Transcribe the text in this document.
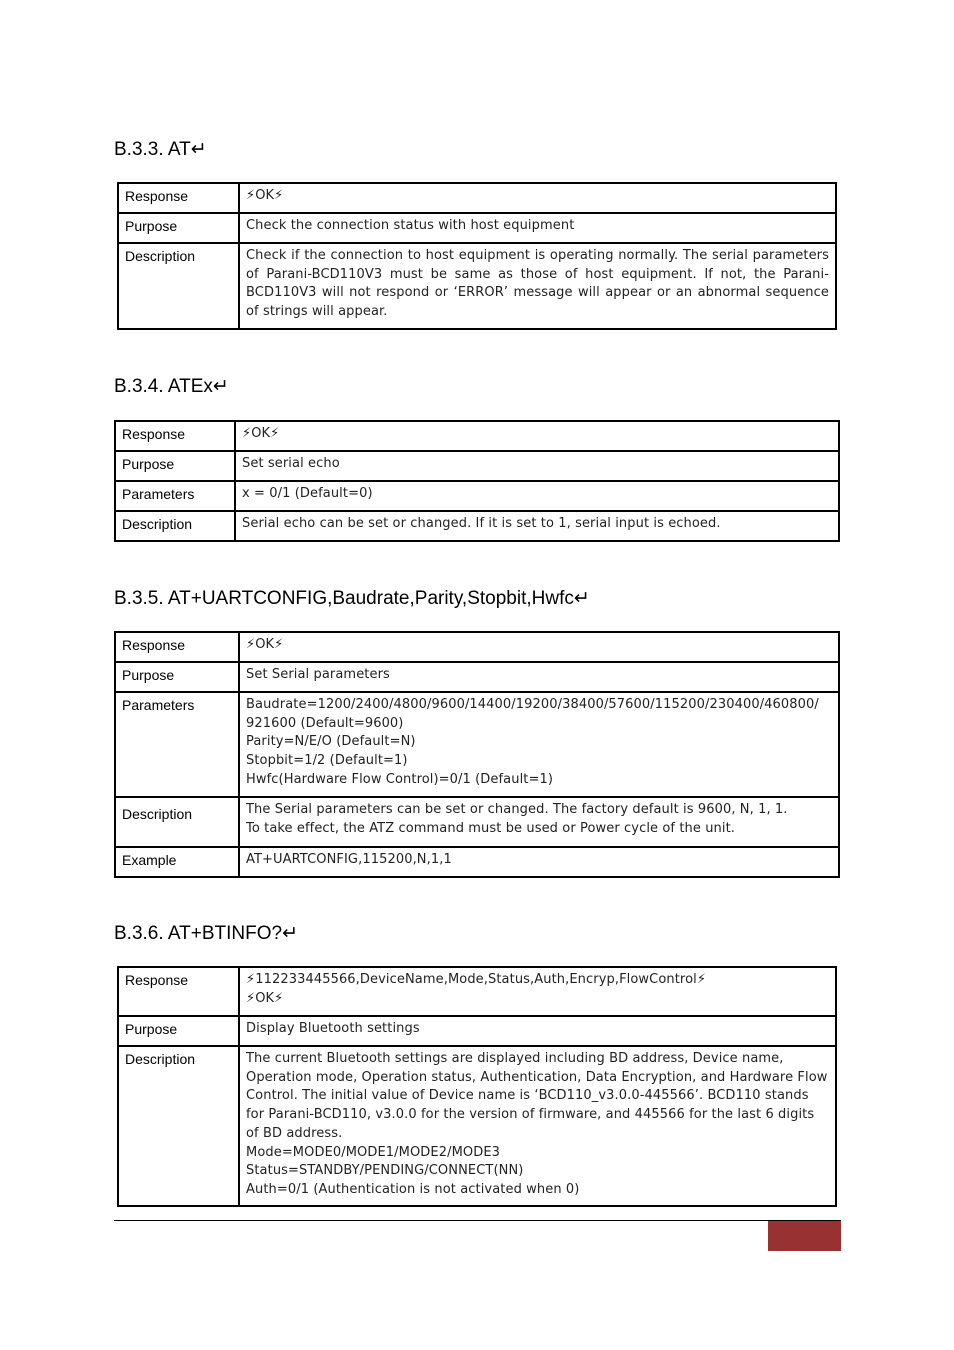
B.3.3. AT↵
Response	⚡OK⚡

Purpose	Check the connection status with host equipment

Description	Check if the connection to host equipment is operating normally. The serial parameters of Parani-BCD110V3 must be same as those of host equipment. If not, the Parani-BCD110V3 will not respond or ‘ERROR’ message will appear or an abnormal sequence of strings will appear.
B.3.4. ATEx↵
Response	⚡OK⚡

Purpose	Set serial echo

Parameters	x = 0/1 (Default=0)

Description	Serial echo can be set or changed. If it is set to 1, serial input is echoed.
B.3.5. AT+UARTCONFIG,Baudrate,Parity,Stopbit,Hwfc↵
Response	⚡OK⚡

Purpose	Set Serial parameters

Parameters	Baudrate=1200/2400/4800/9600/14400/19200/38400/57600/115200/230400/460800/
921600 (Default=9600)
Parity=N/E/O (Default=N)
Stopbit=1/2 (Default=1)
Hwfc(Hardware Flow Control)=0/1 (Default=1)

Description	The Serial parameters can be set or changed. The factory default is 9600, N, 1, 1.
To take effect, the ATZ command must be used or Power cycle of the unit.

Example	AT+UARTCONFIG,115200,N,1,1
B.3.6. AT+BTINFO?↵
Response	⚡112233445566,DeviceName,Mode,Status,Auth,Encryp,FlowControl⚡
⚡OK⚡

Purpose	Display Bluetooth settings

Description	The current Bluetooth settings are displayed including BD address, Device name, Operation mode, Operation status, Authentication, Data Encryption, and Hardware Flow Control. The initial value of Device name is ‘BCD110_v3.0.0-445566’. BCD110 stands for Parani-BCD110, v3.0.0 for the version of firmware, and 445566 for the last 6 digits of BD address.
Mode=MODE0/MODE1/MODE2/MODE3
Status=STANDBY/PENDING/CONNECT(NN)
Auth=0/1 (Authentication is not activated when 0)
